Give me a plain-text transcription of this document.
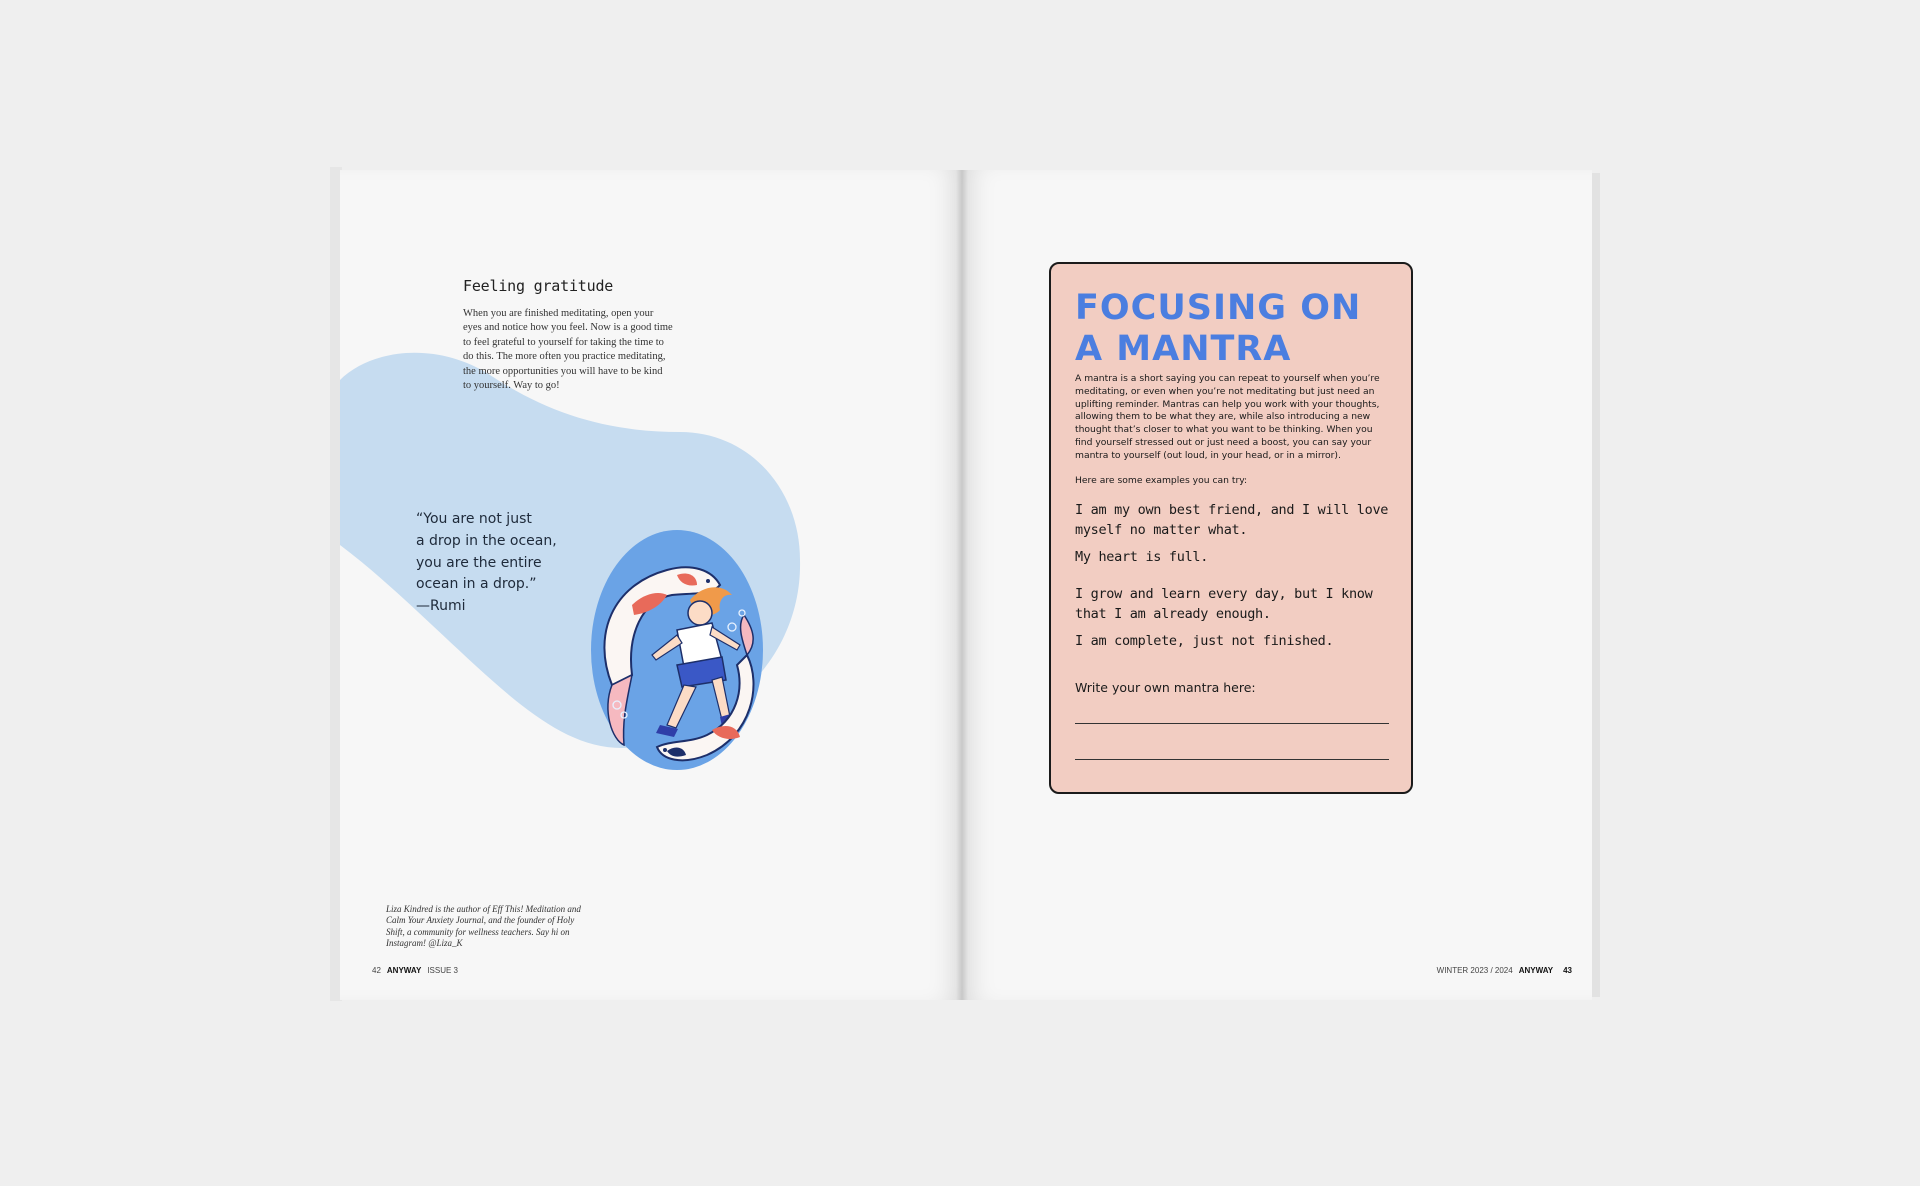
Feeling gratitude
When you are finished meditating, open your eyes and notice how you feel. Now is a good time to feel grateful to yourself for taking the time to do this. The more often you practice meditating, the more opportunities you will have to be kind to yourself. Way to go!
“You are not just
a drop in the ocean,
you are the entire
ocean in a drop.”
—Rumi
Liza Kindred is the author of Eff This! Meditation and Calm Your Anxiety Journal, and the founder of Holy Shift, a community for wellness teachers. Say hi on Instagram! @Liza_K
42 ANYWAY ISSUE 3
FOCUSING ON A MANTRA
A mantra is a short saying you can repeat to yourself when you’re meditating, or even when you’re not meditating but just need an uplifting reminder. Mantras can help you work with your thoughts, allowing them to be what they are, while also introducing a new thought that’s closer to what you want to be thinking. When you find yourself stressed out or just need a boost, you can say your mantra to yourself (out loud, in your head, or in a mirror).
Here are some examples you can try:
I am my own best friend, and I will love myself no matter what.
My heart is full.
I grow and learn every day, but I know that I am already enough.
I am complete, just not finished.
Write your own mantra here:
WINTER 2023 / 2024 ANYWAY 43
